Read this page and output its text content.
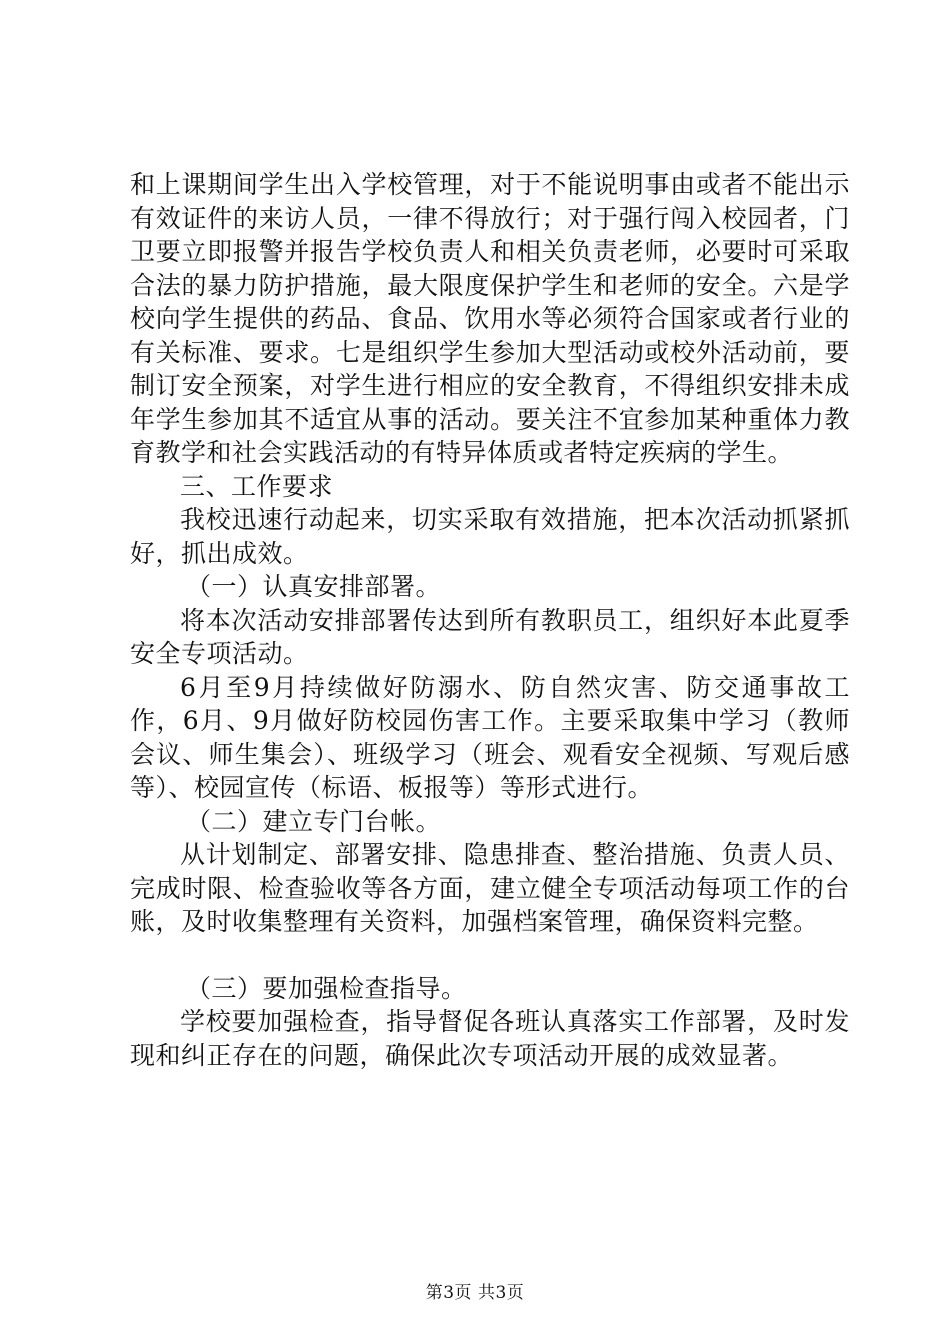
和上课期间学生出入学校管理，对于不能说明事由或者不能出示有效证件的来访人员，一律不得放行；对于强行闯入校园者，门卫要立即报警并报告学校负责人和相关负责老师，必要时可采取合法的暴力防护措施，最大限度保护学生和老师的安全。六是学校向学生提供的药品、食品、饮用水等必须符合国家或者行业的有关标准、要求。七是组织学生参加大型活动或校外活动前，要制订安全预案，对学生进行相应的安全教育，不得组织安排未成年学生参加其不适宜从事的活动。要关注不宜参加某种重体力教育教学和社会实践活动的有特异体质或者特定疾病的学生。

三、工作要求

我校迅速行动起来，切实采取有效措施，把本次活动抓紧抓好，抓出成效。

（一）认真安排部署。

将本次活动安排部署传达到所有教职员工，组织好本此夏季安全专项活动。

6月至9月持续做好防溺水、防自然灾害、防交通事故工作，6月、9月做好防校园伤害工作。主要采取集中学习（教师会议、师生集会）、班级学习（班会、观看安全视频、写观后感等）、校园宣传（标语、板报等）等形式进行。

（二）建立专门台帐。

从计划制定、部署安排、隐患排查、整治措施、负责人员、完成时限、检查验收等各方面，建立健全专项活动每项工作的台账，及时收集整理有关资料，加强档案管理，确保资料完整。

（三）要加强检查指导。

学校要加强检查，指导督促各班认真落实工作部署，及时发现和纠正存在的问题，确保此次专项活动开展的成效显著。

第3页 共3页
